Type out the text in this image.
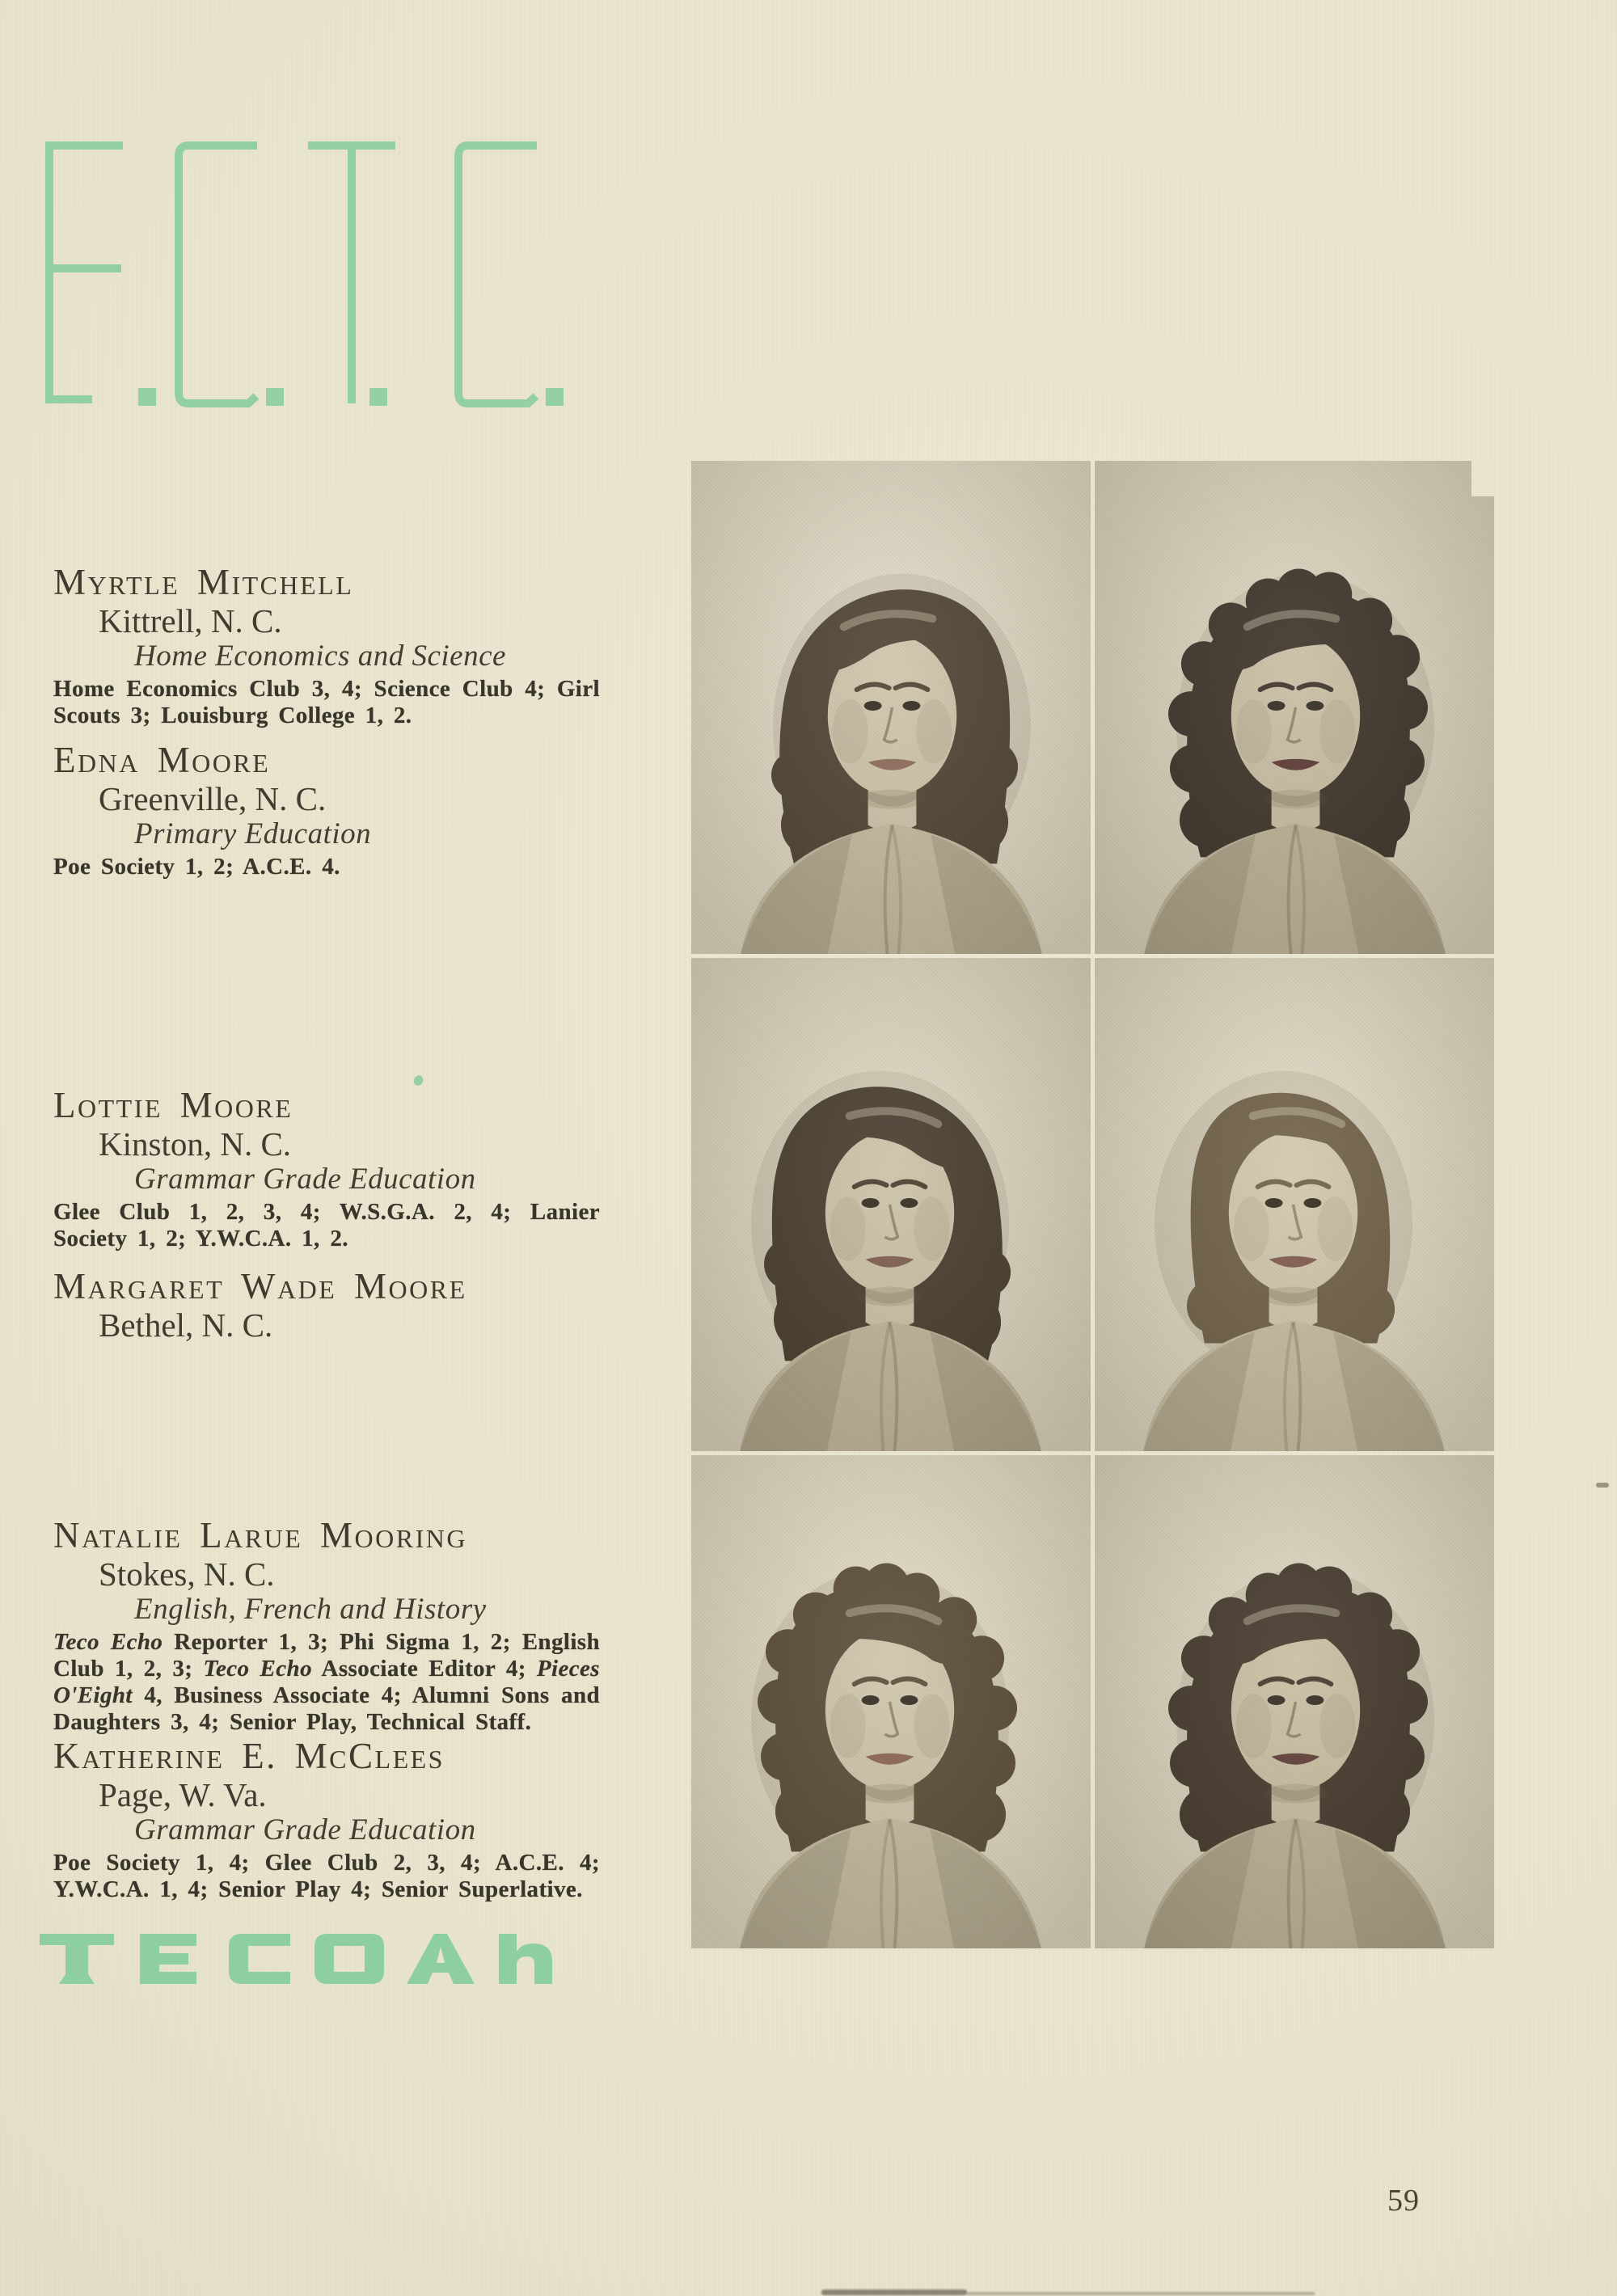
Myrtle Mitchell
Kittrell, N. C.
Home Economics and Science
Home Economics Club 3, 4; Science Club 4; Girl Scouts 3; Louisburg College 1, 2.
Edna Moore
Greenville, N. C.
Primary Education
Poe Society 1, 2; A.C.E. 4.
Lottie Moore
Kinston, N. C.
Grammar Grade Education
Glee Club 1, 2, 3, 4; W.S.G.A. 2, 4; Lanier Society 1, 2; Y.W.C.A. 1, 2.
Margaret Wade Moore
Bethel, N. C.
Natalie Larue Mooring
Stokes, N. C.
English, French and History
Teco Echo Reporter 1, 3; Phi Sigma 1, 2; English Club 1, 2, 3; Teco Echo Associate Editor 4; Pieces O'Eight 4, Business Associate 4; Alumni Sons and Daughters 3, 4; Senior Play, Technical Staff.
Katherine E. McClees
Page, W. Va.
Grammar Grade Education
Poe Society 1, 4; Glee Club 2, 3, 4; A.C.E. 4; Y.W.C.A. 1, 4; Senior Play 4; Senior Superlative.
59
